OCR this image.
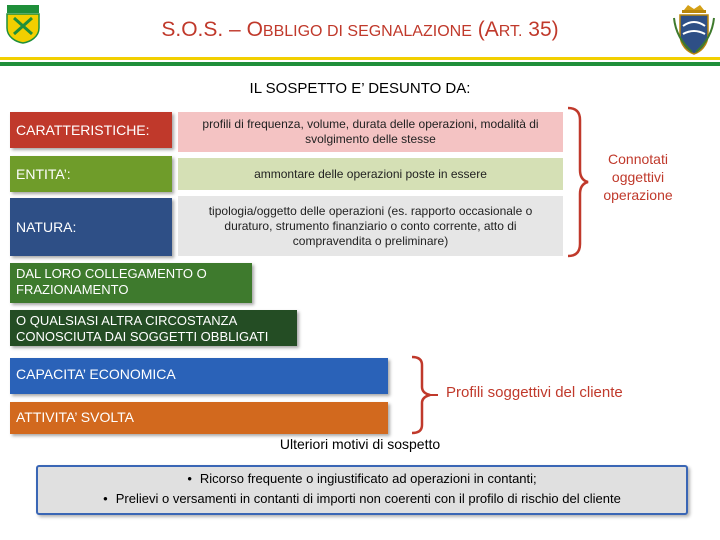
S.O.S. – OBBLIGO DI SEGNALAZIONE (ART. 35)
IL SOSPETTO E’ DESUNTO DA:
CARATTERISTICHE:	profili di frequenza, volume, durata delle operazioni, modalità di svolgimento delle stesse
ENTITA’:	ammontare delle operazioni poste in essere
NATURA:
tipologia/oggetto delle operazioni (es. rapporto occasionale o duraturo, strumento finanziario o conto corrente, atto di compravendita o preliminare)
Connotati
oggettivi
operazione
DAL LORO COLLEGAMENTO O
FRAZIONAMENTO
O QUALSIASI ALTRA CIRCOSTANZA
CONOSCIUTA DAI SOGGETTI OBBLIGATI
CAPACITA’ ECONOMICA
ATTIVITA’ SVOLTA
Profili soggettivi del cliente
Ulteriori motivi di sospetto
• Ricorso frequente o ingiustificato ad operazioni in contanti;
• Prelievi o versamenti in contanti di importi non coerenti con il profilo di rischio del cliente
